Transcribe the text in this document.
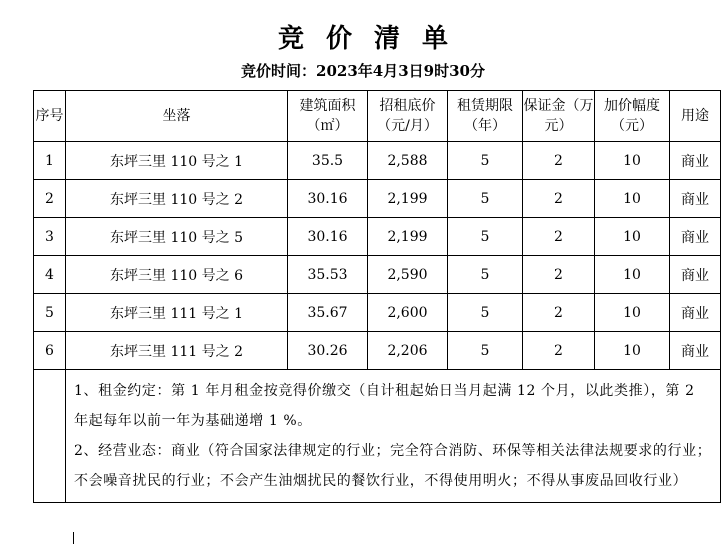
竞价清单
竞价时间：2023年4月3日9时30分
序号	坐落	建筑面积（㎡）	招租底价（元/月）	租赁期限（年）	保证金（万元）	加价幅度（元）	用途
1	东坪三里 110 号之 1	35.5	2,588	5	2	10	商业
2	东坪三里 110 号之 2	30.16	2,199	5	2	10	商业
3	东坪三里 110 号之 5	30.16	2,199	5	2	10	商业
4	东坪三里 110 号之 6	35.53	2,590	5	2	10	商业
5	东坪三里 111 号之 1	35.67	2,600	5	2	10	商业
6	东坪三里 111 号之 2	30.26	2,206	5	2	10	商业

	1、租金约定：第 1 年月租金按竞得价缴交（自计租起始日当月起满 12 个月，以此类推），第 2 年起每年以前一年为基础递增 1 %。
2、经营业态：商业（符合国家法律规定的行业；完全符合消防、环保等相关法律法规要求的行业；不会噪音扰民的行业；不会产生油烟扰民的餐饮行业，不得使用明火；不得从事废品回收行业）						
